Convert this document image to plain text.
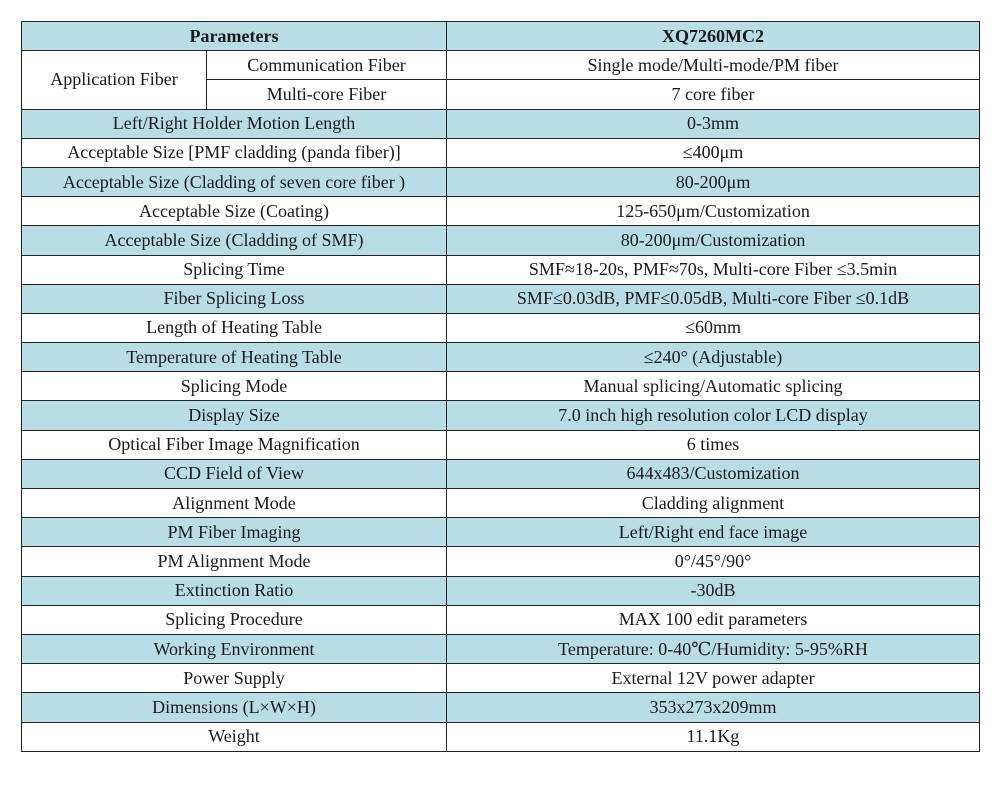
Parameters		XQ7260MC2
Application Fiber	Communication Fiber	Single mode/Multi-mode/PM fiber
	Multi-core Fiber	7 core fiber
Left/Right Holder Motion Length		0-3mm
Acceptable Size [PMF cladding (panda fiber)]		≤400μm
Acceptable Size (Cladding of seven core fiber )		80-200μm
Acceptable Size (Coating)		125-650μm/Customization
Acceptable Size (Cladding of SMF)		80-200μm/Customization
Splicing Time		SMF≈18-20s, PMF≈70s, Multi-core Fiber ≤3.5min
Fiber Splicing Loss		SMF≤0.03dB, PMF≤0.05dB, Multi-core Fiber ≤0.1dB
Length of Heating Table		≤60mm
Temperature of Heating Table		≤240° (Adjustable)
Splicing Mode		Manual splicing/Automatic splicing
Display Size		7.0 inch high resolution color LCD display
Optical Fiber Image Magnification		6 times
CCD Field of View		644x483/Customization
Alignment Mode		Cladding alignment
PM Fiber Imaging		Left/Right end face image
PM Alignment Mode		0°/45°/90°
Extinction Ratio		-30dB
Splicing Procedure		MAX 100 edit parameters
Working Environment		Temperature: 0-40℃/Humidity: 5-95%RH
Power Supply		External 12V power adapter
Dimensions (L×W×H)		353x273x209mm
Weight		11.1Kg
